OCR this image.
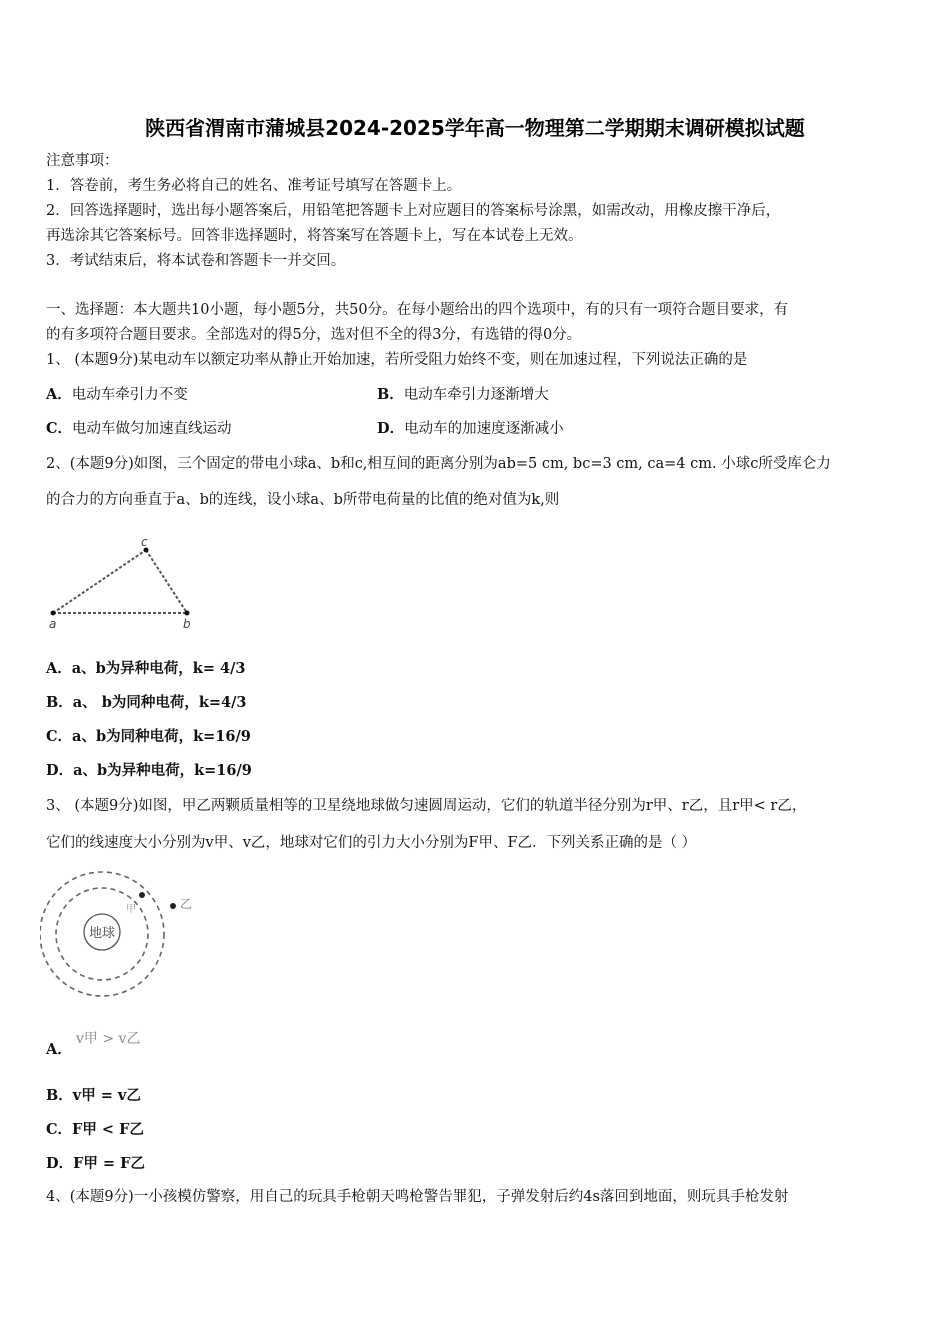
陕西省渭南市蒲城县2024-2025学年高一物理第二学期期末调研模拟试题
注意事项：
1．答卷前，考生务必将自己的姓名、准考证号填写在答题卡上。
2．回答选择题时，选出每小题答案后，用铅笔把答题卡上对应题目的答案标号涂黑，如需改动，用橡皮擦干净后，
再选涂其它答案标号。回答非选择题时，将答案写在答题卡上，写在本试卷上无效。
3．考试结束后，将本试卷和答题卡一并交回。
一、选择题：本大题共10小题，每小题5分，共50分。在每小题给出的四个选项中，有的只有一项符合题目要求，有
的有多项符合题目要求。全部选对的得5分，选对但不全的得3分，有选错的得0分。
1、 (本题9分)某电动车以额定功率从静止开始加速，若所受阻力始终不变，则在加速过程，下列说法正确的是
A．电动车牵引力不变	B．电动车牵引力逐渐增大
C．电动车做匀加速直线运动	D．电动车的加速度逐渐减小
2、(本题9分)如图，三个固定的带电小球a、b和c,相互间的距离分别为ab=5 cm, bc=3 cm, ca=4 cm. 小球c所受库仑力
的合力的方向垂直于a、b的连线，设小球a、b所带电荷量的比值的绝对值为k,则
a	b
c
A．a、b为异种电荷，k= 4/3
B．a、 b为同种电荷，k=4/3
C．a、b为同种电荷，k=16/9
D．a、b为异种电荷，k=16/9
3、 (本题9分)如图，甲乙两颗质量相等的卫星绕地球做匀速圆周运动，它们的轨道半径分别为r甲、r乙，且r甲< r乙，
它们的线速度大小分别为v甲、v乙，地球对它们的引力大小分别为F甲、F乙．下列关系正确的是（ ）
地球
甲	乙
A．
v甲 > v乙
B．v甲 = v乙
C．F甲 < F乙
D．F甲 = F乙
4、(本题9分)一小孩模仿警察，用自己的玩具手枪朝天鸣枪警告罪犯，子弹发射后约4s落回到地面，则玩具手枪发射
